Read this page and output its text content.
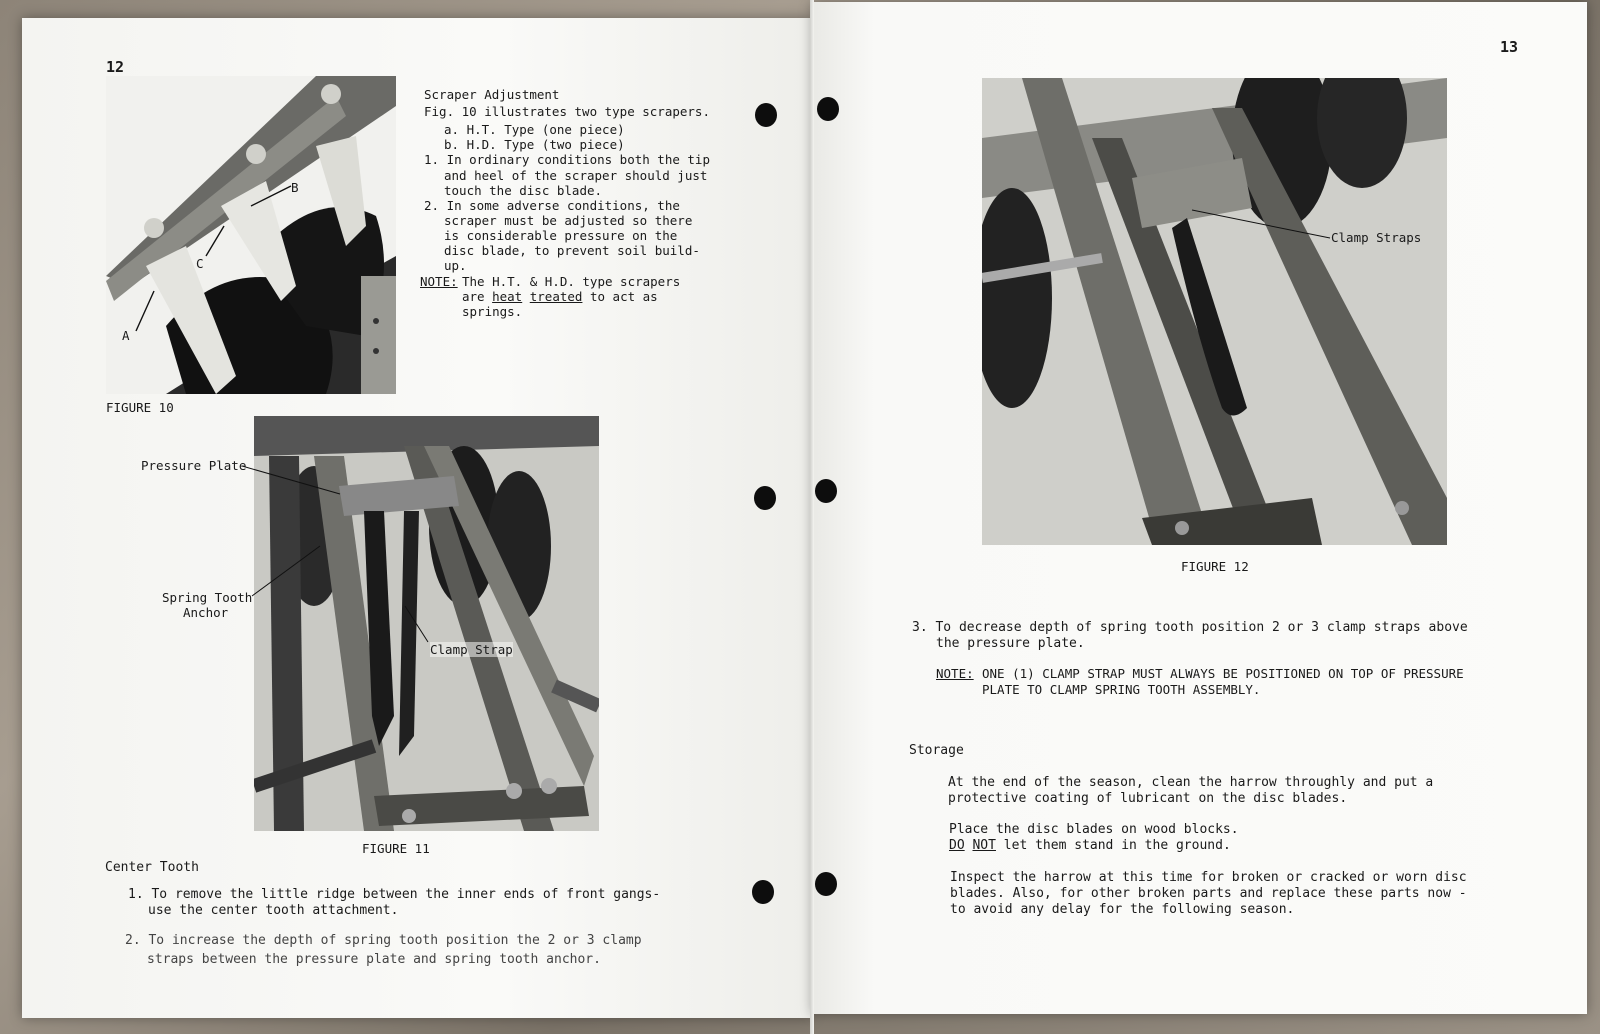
12
A
B
C
FIGURE 10
Scraper Adjustment
Fig. 10 illustrates two type scrapers.
a. H.T. Type (one piece)
b. H.D. Type (two piece)
1. In ordinary conditions both the tip
and heel of the scraper should just
touch the disc blade.
2. In some adverse conditions, the
scraper must be adjusted so there
is considerable pressure on the
disc blade, to prevent soil build-
up.
NOTE: The H.T. & H.D. type scrapers
are heat treated to act as
springs.
Pressure Plate
Spring Tooth
Anchor
Clamp Strap
FIGURE 11
Center Tooth
1. To remove the little ridge between the inner ends of front gangs-
use the center tooth attachment.
2. To increase the depth of spring tooth position the 2 or 3 clamp
straps between the pressure plate and spring tooth anchor.
13
Clamp Straps
FIGURE 12
3. To decrease depth of spring tooth position 2 or 3 clamp straps above
the pressure plate.
NOTE: ONE (1) CLAMP STRAP MUST ALWAYS BE POSITIONED ON TOP OF PRESSURE
PLATE TO CLAMP SPRING TOOTH ASSEMBLY.
Storage
At the end of the season, clean the harrow throughly and put a
protective coating of lubricant on the disc blades.
Place the disc blades on wood blocks.
DO NOT let them stand in the ground.
Inspect the harrow at this time for broken or cracked or worn disc
blades. Also, for other broken parts and replace these parts now -
to avoid any delay for the following season.
